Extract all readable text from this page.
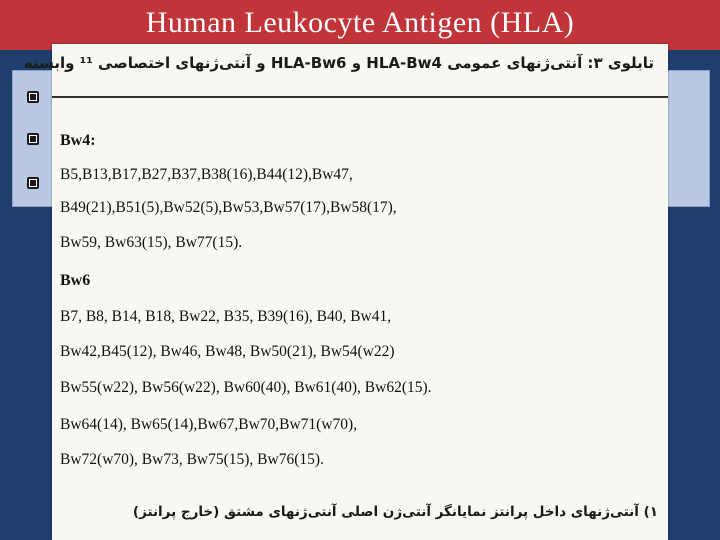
Human Leukocyte Antigen (HLA)
تابلوی ۳: آنتی‌ژنهای عمومی HLA-Bw4 و HLA-Bw6 و آنتی‌ژنهای اختصاصی ¹¹ وابسته
Bw4:
B5,B13,B17,B27,B37,B38(16),B44(12),Bw47,
B49(21),B51(5),Bw52(5),Bw53,Bw57(17),Bw58(17),
Bw59, Bw63(15), Bw77(15).
Bw6
B7, B8, B14, B18, Bw22, B35, B39(16), B40, Bw41,
Bw42,B45(12), Bw46, Bw48, Bw50(21), Bw54(w22)
Bw55(w22), Bw56(w22), Bw60(40), Bw61(40), Bw62(15).
Bw64(14), Bw65(14),Bw67,Bw70,Bw71(w70),
Bw72(w70), Bw73, Bw75(15), Bw76(15).
۱) آنتی‌ژنهای داخل پرانتز نمایانگر آنتی‌ژن اصلی آنتی‌ژنهای مشتق (خارج پرانتز)
